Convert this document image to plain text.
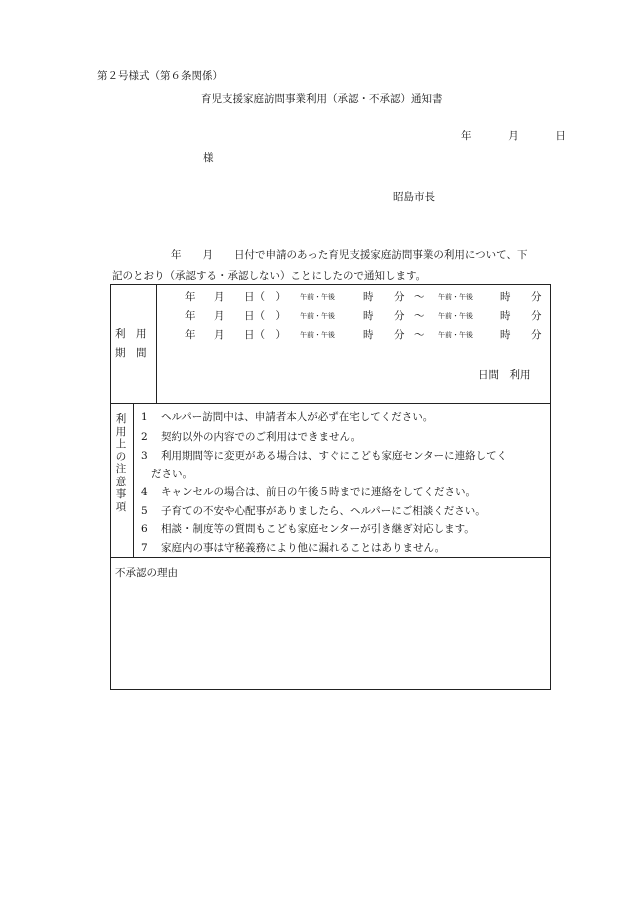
第２号様式（第６条関係）
育児支援家庭訪問事業利用（承認・不承認）通知書
年	月	日
様
昭島市長
年　　月　　日付で申請のあった育児支援家庭訪問事業の利用について、下
記のとおり（承認する・承認しない）ことにしたので通知します。
利　用
期　間
年 月 日（　） 午前・午後	時 分 ～ 午前・午後	時 分
年 月 日（　） 午前・午後	時 分 ～ 午前・午後	時 分
年 月 日（　） 午前・午後	時 分 ～ 午前・午後	時 分
日間　利用
利用上の注意事項
1 ヘルパー訪問中は、申請者本人が必ず在宅してください。
2 契約以外の内容でのご利用はできません。
3 利用期間等に変更がある場合は、すぐにこども家庭センターに連絡してく
ださい。
4 キャンセルの場合は、前日の午後５時までに連絡をしてください。
5 子育ての不安や心配事がありましたら、ヘルパーにご相談ください。
6 相談・制度等の質問もこども家庭センターが引き継ぎ対応します。
7 家庭内の事は守秘義務により他に漏れることはありません。
不承認の理由
